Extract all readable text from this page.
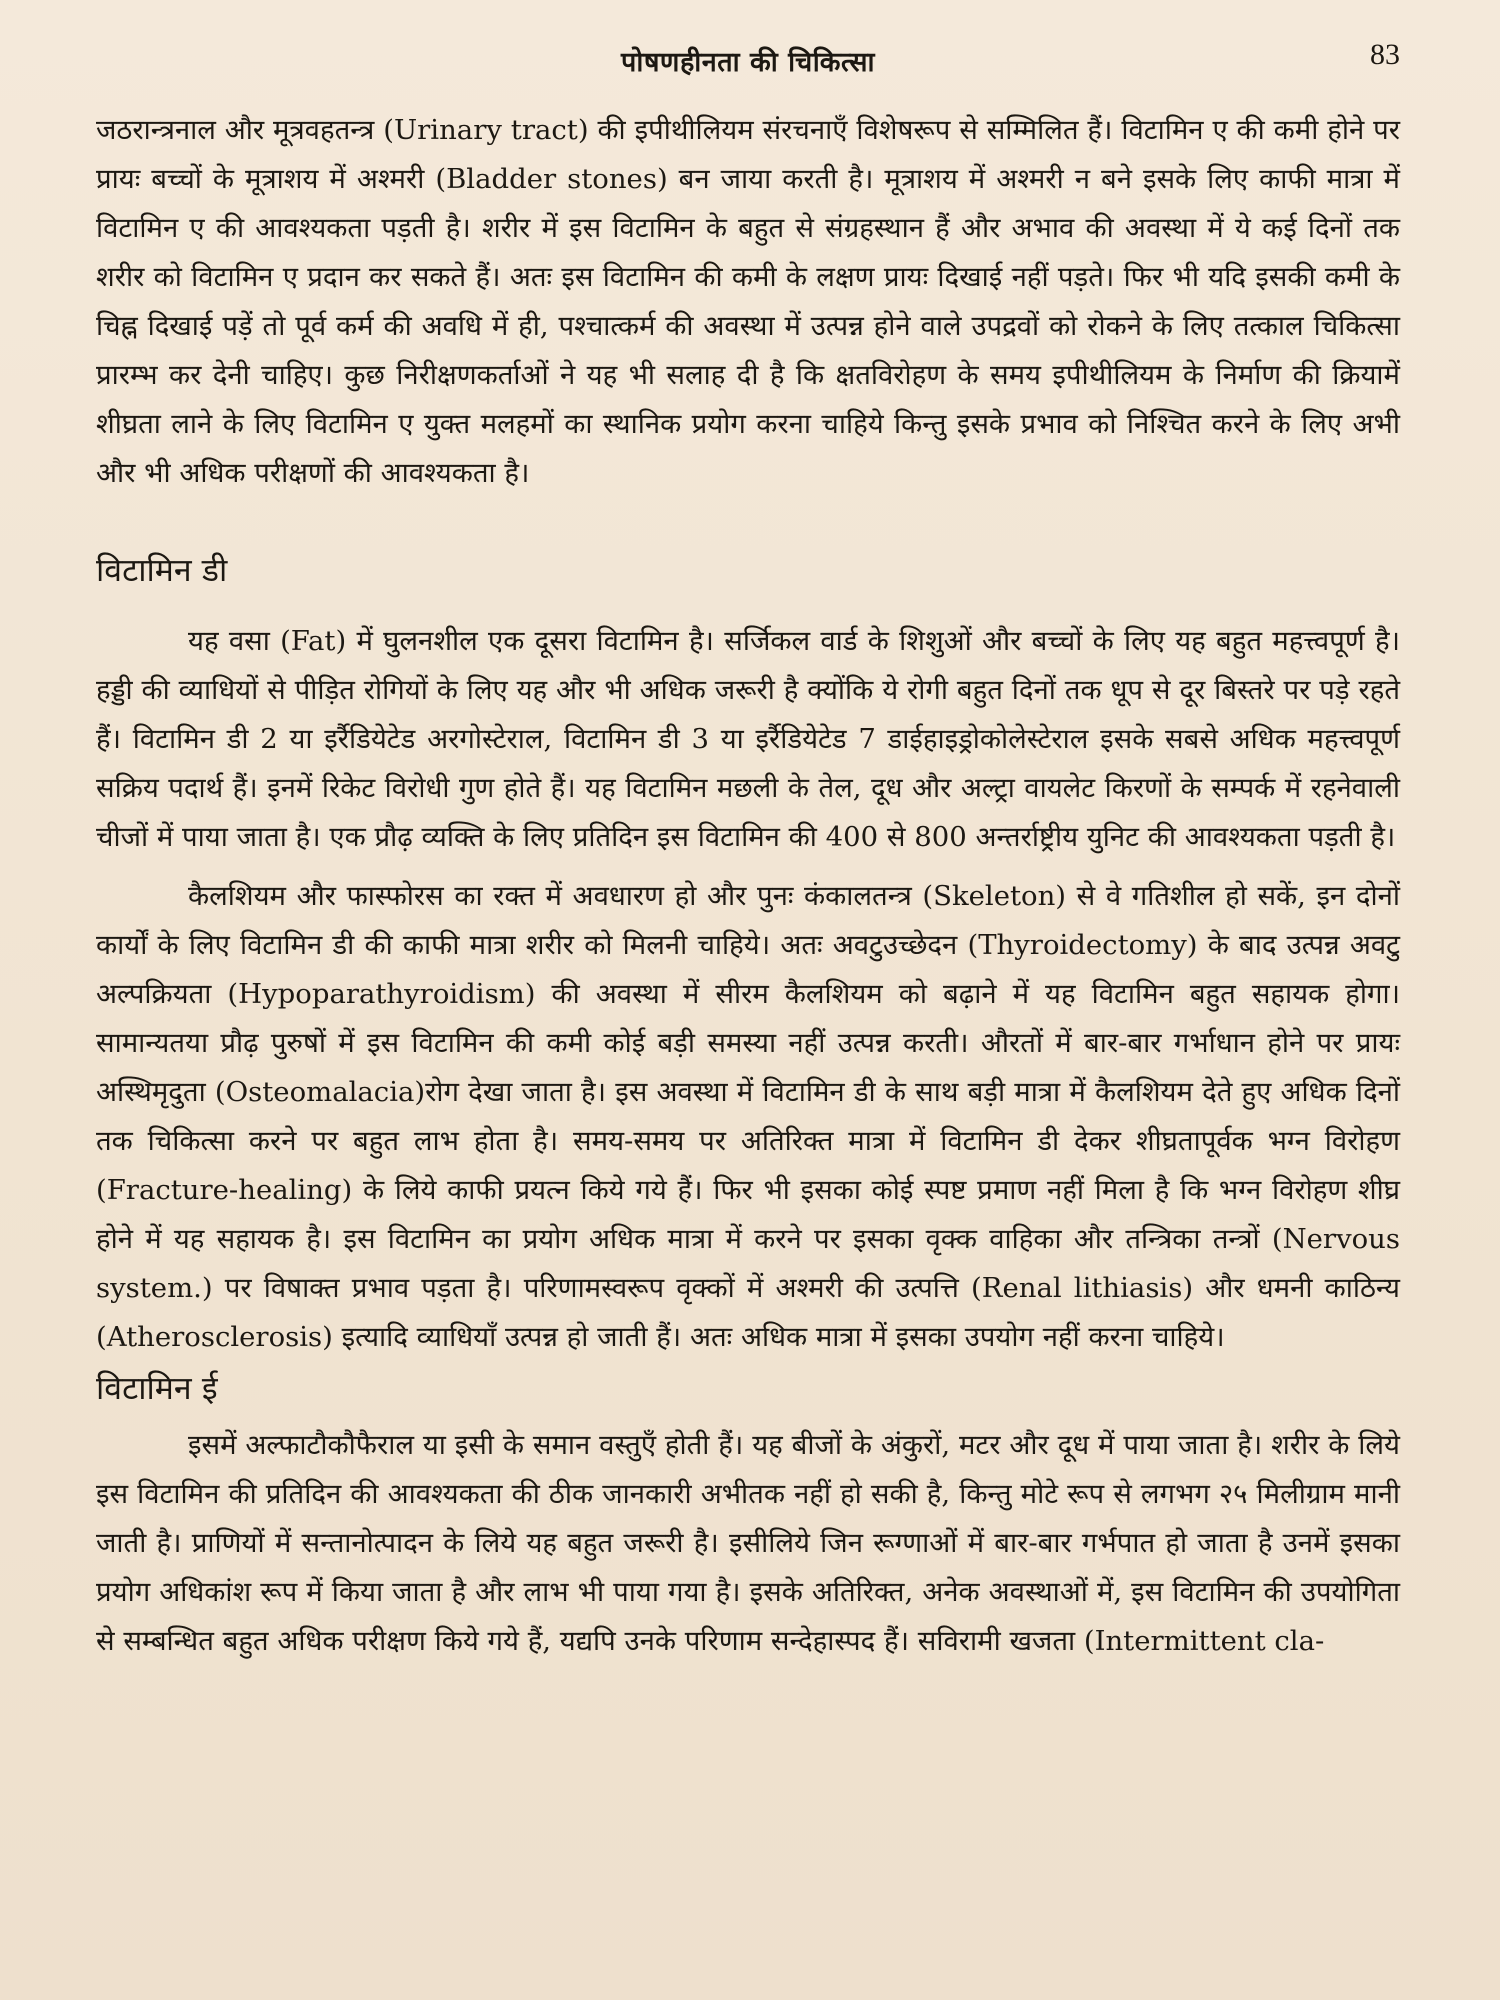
पोषणहीनता की चिकित्सा	83

जठरान्त्रनाल और मूत्रवहतन्त्र (Urinary tract) की इपीथीलियम संरचनाएँ विशेषरूप से सम्मिलित हैं। विटामिन ए की कमी होने पर प्रायः बच्चों के मूत्राशय में अश्मरी (Bladder stones) बन जाया करती है। मूत्राशय में अश्मरी न बने इसके लिए काफी मात्रा में विटामिन ए की आवश्यकता पड़ती है। शरीर में इस विटामिन के बहुत से संग्रहस्थान हैं और अभाव की अवस्था में ये कई दिनों तक शरीर को विटामिन ए प्रदान कर सकते हैं। अतः इस विटामिन की कमी के लक्षण प्रायः दिखाई नहीं पड़ते। फिर भी यदि इसकी कमी के चिह्न दिखाई पड़ें तो पूर्व कर्म की अवधि में ही, पश्चात्कर्म की अवस्था में उत्पन्न होने वाले उपद्रवों को रोकने के लिए तत्काल चिकित्सा प्रारम्भ कर देनी चाहिए। कुछ निरीक्षणकर्ताओं ने यह भी सलाह दी है कि क्षतविरोहण के समय इपीथीलियम के निर्माण की क्रियामें शीघ्रता लाने के लिए विटामिन ए युक्त मलहमों का स्थानिक प्रयोग करना चाहिये किन्तु इसके प्रभाव को निश्चित करने के लिए अभी और भी अधिक परीक्षणों की आवश्यकता है।

विटामिन डी

यह वसा (Fat) में घुलनशील एक दूसरा विटामिन है। सर्जिकल वार्ड के शिशुओं और बच्चों के लिए यह बहुत महत्त्वपूर्ण है। हड्डी की व्याधियों से पीड़ित रोगियों के लिए यह और भी अधिक जरूरी है क्योंकि ये रोगी बहुत दिनों तक धूप से दूर बिस्तरे पर पड़े रहते हैं। विटामिन डी 2 या इर्रैडियेटेड अरगोस्टेराल, विटामिन डी 3 या इर्रैडियेटेड 7 डाईहाइड्रोकोलेस्टेराल इसके सबसे अधिक महत्त्वपूर्ण सक्रिय पदार्थ हैं। इनमें रिकेट विरोधी गुण होते हैं। यह विटामिन मछली के तेल, दूध और अल्ट्रा वायलेट किरणों के सम्पर्क में रहनेवाली चीजों में पाया जाता है। एक प्रौढ़ व्यक्ति के लिए प्रतिदिन इस विटामिन की 400 से 800 अन्तर्राष्ट्रीय युनिट की आवश्यकता पड़ती है।

कैलशियम और फास्फोरस का रक्त में अवधारण हो और पुनः कंकालतन्त्र (Skeleton) से वे गतिशील हो सकें, इन दोनों कार्यों के लिए विटामिन डी की काफी मात्रा शरीर को मिलनी चाहिये। अतः अवटुउच्छेदन (Thyroidectomy) के बाद उत्पन्न अवटु अल्पक्रियता (Hypoparathyroidism) की अवस्था में सीरम कैलशियम को बढ़ाने में यह विटामिन बहुत सहायक होगा। सामान्यतया प्रौढ़ पुरुषों में इस विटामिन की कमी कोई बड़ी समस्या नहीं उत्पन्न करती। औरतों में बार-बार गर्भाधान होने पर प्रायः अस्थिमृदुता (Osteomalacia)रोग देखा जाता है। इस अवस्था में विटामिन डी के साथ बड़ी मात्रा में कैलशियम देते हुए अधिक दिनों तक चिकित्सा करने पर बहुत लाभ होता है। समय-समय पर अतिरिक्त मात्रा में विटामिन डी देकर शीघ्रतापूर्वक भग्न विरोहण (Fracture-healing) के लिये काफी प्रयत्न किये गये हैं। फिर भी इसका कोई स्पष्ट प्रमाण नहीं मिला है कि भग्न विरोहण शीघ्र होने में यह सहायक है। इस विटामिन का प्रयोग अधिक मात्रा में करने पर इसका वृक्क वाहिका और तन्त्रिका तन्त्रों (Nervous system.) पर विषाक्त प्रभाव पड़ता है। परिणामस्वरूप वृक्कों में अश्मरी की उत्पत्ति (Renal lithiasis) और धमनी काठिन्य (Atherosclerosis) इत्यादि व्याधियाँ उत्पन्न हो जाती हैं। अतः अधिक मात्रा में इसका उपयोग नहीं करना चाहिये।

विटामिन ई

इसमें अल्फाटौकौफैराल या इसी के समान वस्तुएँ होती हैं। यह बीजों के अंकुरों, मटर और दूध में पाया जाता है। शरीर के लिये इस विटामिन की प्रतिदिन की आवश्यकता की ठीक जानकारी अभीतक नहीं हो सकी है, किन्तु मोटे रूप से लगभग २५ मिलीग्राम मानी जाती है। प्राणियों में सन्तानोत्पादन के लिये यह बहुत जरूरी है। इसीलिये जिन रूग्णाओं में बार-बार गर्भपात हो जाता है उनमें इसका प्रयोग अधिकांश रूप में किया जाता है और लाभ भी पाया गया है। इसके अतिरिक्त, अनेक अवस्थाओं में, इस विटामिन की उपयोगिता से सम्बन्धित बहुत अधिक परीक्षण किये गये हैं, यद्यपि उनके परिणाम सन्देहास्पद हैं। सविरामी खजता (Intermittent cla-
